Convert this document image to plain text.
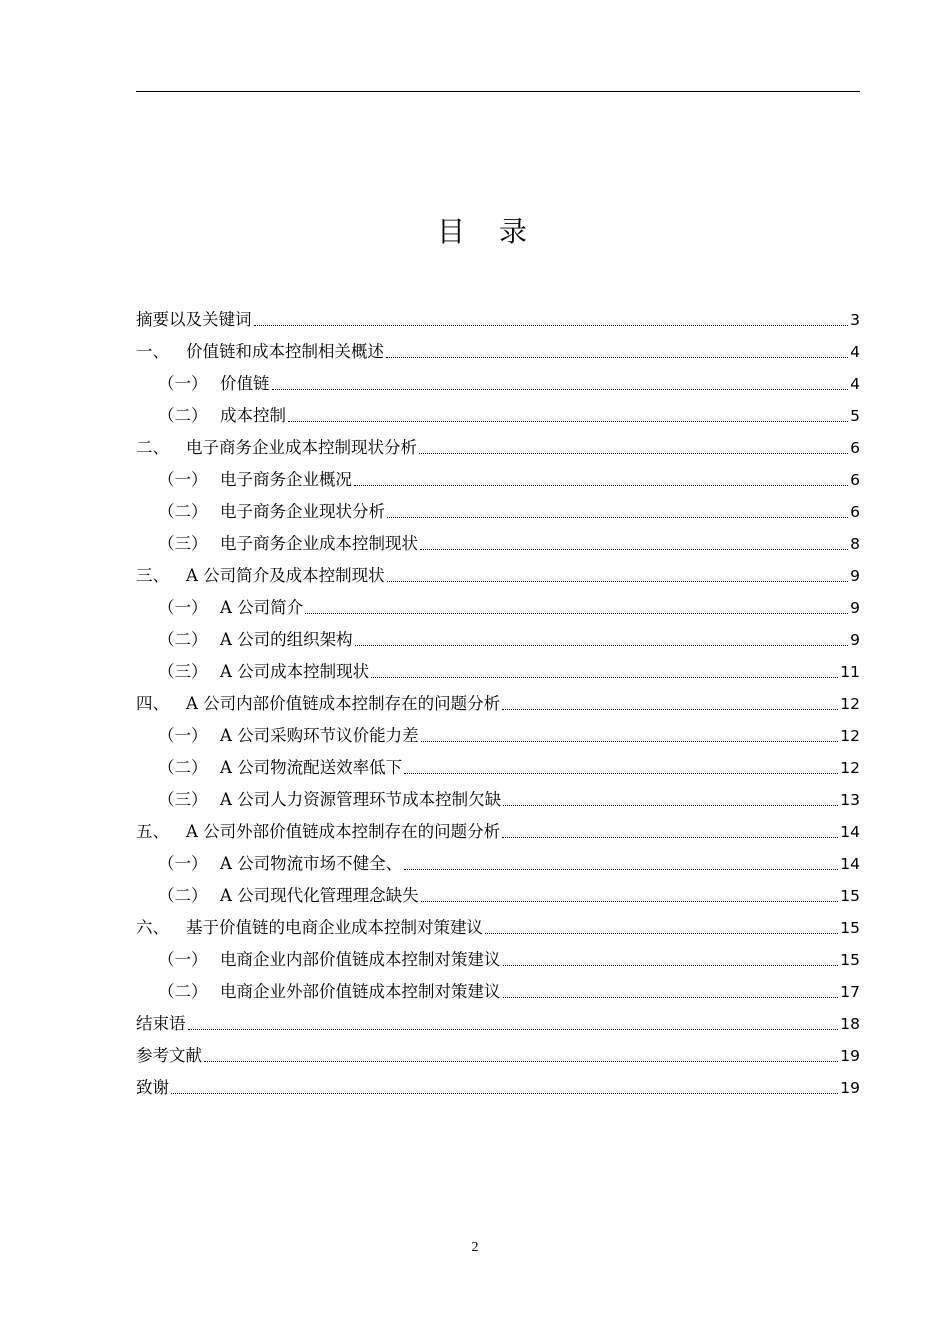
目录
摘要以及关键词	3
一、	价值链和成本控制相关概述	4
（一） 价值链	4
（二） 成本控制	5
二、	电子商务企业成本控制现状分析	6
（一） 电子商务企业概况	6
（二） 电子商务企业现状分析	6
（三） 电子商务企业成本控制现状	8
三、	A 公司简介及成本控制现状	9
（一） A 公司简介	9
（二） A 公司的组织架构	9
（三） A 公司成本控制现状	11
四、	A 公司内部价值链成本控制存在的问题分析	12
（一） A 公司采购环节议价能力差	12
（二） A 公司物流配送效率低下	12
（三） A 公司人力资源管理环节成本控制欠缺	13
五、	A 公司外部价值链成本控制存在的问题分析	14
（一） A 公司物流市场不健全、	14
（二） A 公司现代化管理理念缺失	15
六、	基于价值链的电商企业成本控制对策建议	15
（一） 电商企业内部价值链成本控制对策建议	15
（二） 电商企业外部价值链成本控制对策建议	17
结束语	18
参考文献	19
致谢	19
2
